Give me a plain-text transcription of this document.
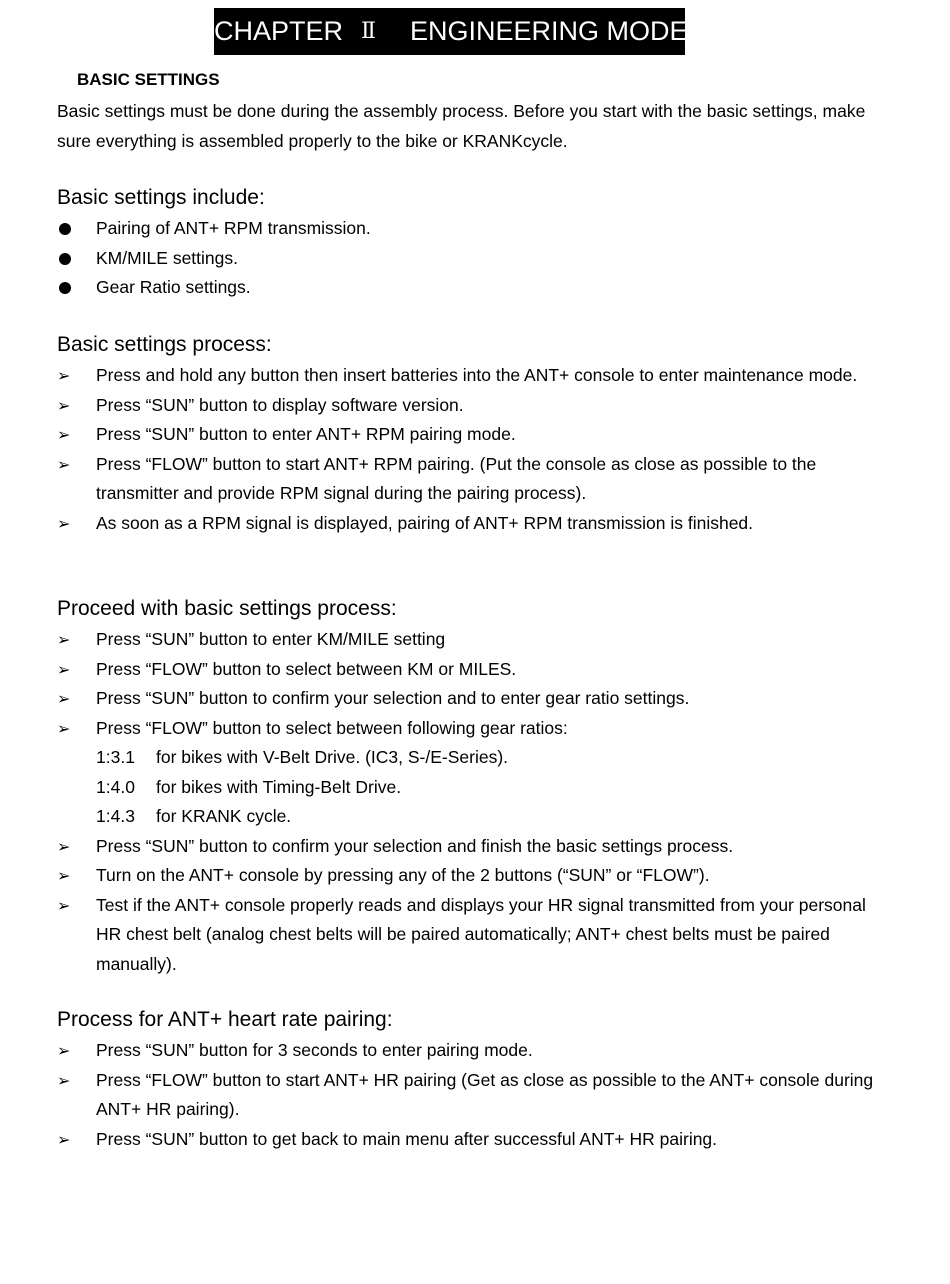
CHAPTER Ⅱ ENGINEERING MODE
BASIC SETTINGS
Basic settings must be done during the assembly process. Before you start with the basic settings, make sure everything is assembled properly to the bike or KRANKcycle.
Basic settings include:
Pairing of ANT+ RPM transmission.
KM/MILE settings.
Gear Ratio settings.
Basic settings process:
➢ Press and hold any button then insert batteries into the ANT+ console to enter maintenance mode.
➢ Press “SUN” button to display software version.
➢ Press “SUN” button to enter ANT+ RPM pairing mode.
➢ Press “FLOW” button to start ANT+ RPM pairing. (Put the console as close as possible to the transmitter and provide RPM signal during the pairing process).
➢ As soon as a RPM signal is displayed, pairing of ANT+ RPM transmission is finished.
Proceed with basic settings process:
➢ Press “SUN” button to enter KM/MILE setting
➢ Press “FLOW” button to select between KM or MILES.
➢ Press “SUN” button to confirm your selection and to enter gear ratio settings.
➢ Press “FLOW” button to select between following gear ratios:
1:3.1 for bikes with V-Belt Drive. (IC3, S-/E-Series).
1:4.0 for bikes with Timing-Belt Drive.
1:4.3 for KRANK cycle.
➢ Press “SUN” button to confirm your selection and finish the basic settings process.
➢ Turn on the ANT+ console by pressing any of the 2 buttons (“SUN” or “FLOW”).
➢ Test if the ANT+ console properly reads and displays your HR signal transmitted from your personal HR chest belt (analog chest belts will be paired automatically; ANT+ chest belts must be paired manually).
Process for ANT+ heart rate pairing:
➢ Press “SUN” button for 3 seconds to enter pairing mode.
➢ Press “FLOW” button to start ANT+ HR pairing (Get as close as possible to the ANT+ console during ANT+ HR pairing).
➢ Press “SUN” button to get back to main menu after successful ANT+ HR pairing.
